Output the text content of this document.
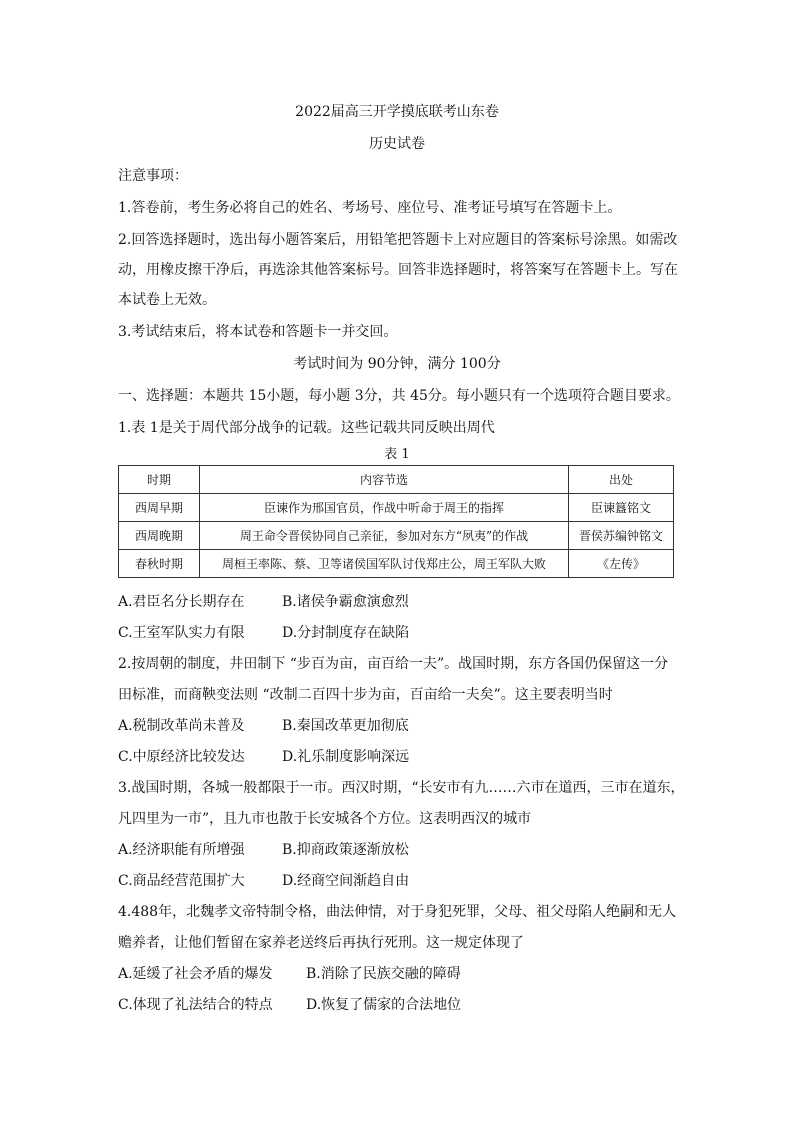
2022届高三开学摸底联考山东卷
历史试卷
注意事项：
1.答卷前，考生务必将自己的姓名、考场号、座位号、准考证号填写在答题卡上。
2.回答选择题时，选出每小题答案后，用铅笔把答题卡上对应题目的答案标号涂黑。如需改
动，用橡皮擦干净后，再选涂其他答案标号。回答非选择题时，将答案写在答题卡上。写在
本试卷上无效。
3.考试结束后，将本试卷和答题卡一并交回。
考试时间为 90分钟，满分 100分
一、选择题：本题共 15小题，每小题 3分，共 45分。每小题只有一个选项符合题目要求。
1.表 1是关于周代部分战争的记载。这些记载共同反映出周代
表 1
时期	内容节选	出处
西周早期	臣谏作为邢国官员，作战中听命于周王的指挥	臣谏簋铭文
西周晚期	周王命令晋侯协同自己亲征，参加对东方“夙夷”的作战	晋侯苏编钟铭文
春秋时期	周桓王率陈、蔡、卫等诸侯国军队讨伐郑庄公，周王军队大败	《左传》
A.君臣名分长期存在	B.诸侯争霸愈演愈烈
C.王室军队实力有限	D.分封制度存在缺陷
2.按周朝的制度，井田制下 “步百为亩，亩百给一夫”。战国时期，东方各国仍保留这一分
田标准，而商鞅变法则 “改制二百四十步为亩，百亩给一夫矣”。这主要表明当时
A.税制改革尚未普及	B.秦国改革更加彻底
C.中原经济比较发达	D.礼乐制度影响深远
3.战国时期，各城一般都限于一市。西汉时期，“长安市有九……六市在道西，三市在道东，
凡四里为一市”，且九市也散于长安城各个方位。这表明西汉的城市
A.经济职能有所增强	B.抑商政策逐渐放松
C.商品经营范围扩大	D.经商空间渐趋自由
4.488年，北魏孝文帝特制令格，曲法伸情，对于身犯死罪，父母、祖父母陷人绝嗣和无人
赡养者，让他们暂留在家养老送终后再执行死刑。这一规定体现了
A.延缓了社会矛盾的爆发 B.消除了民族交融的障碍
C.体现了礼法结合的特点 D.恢复了儒家的合法地位
